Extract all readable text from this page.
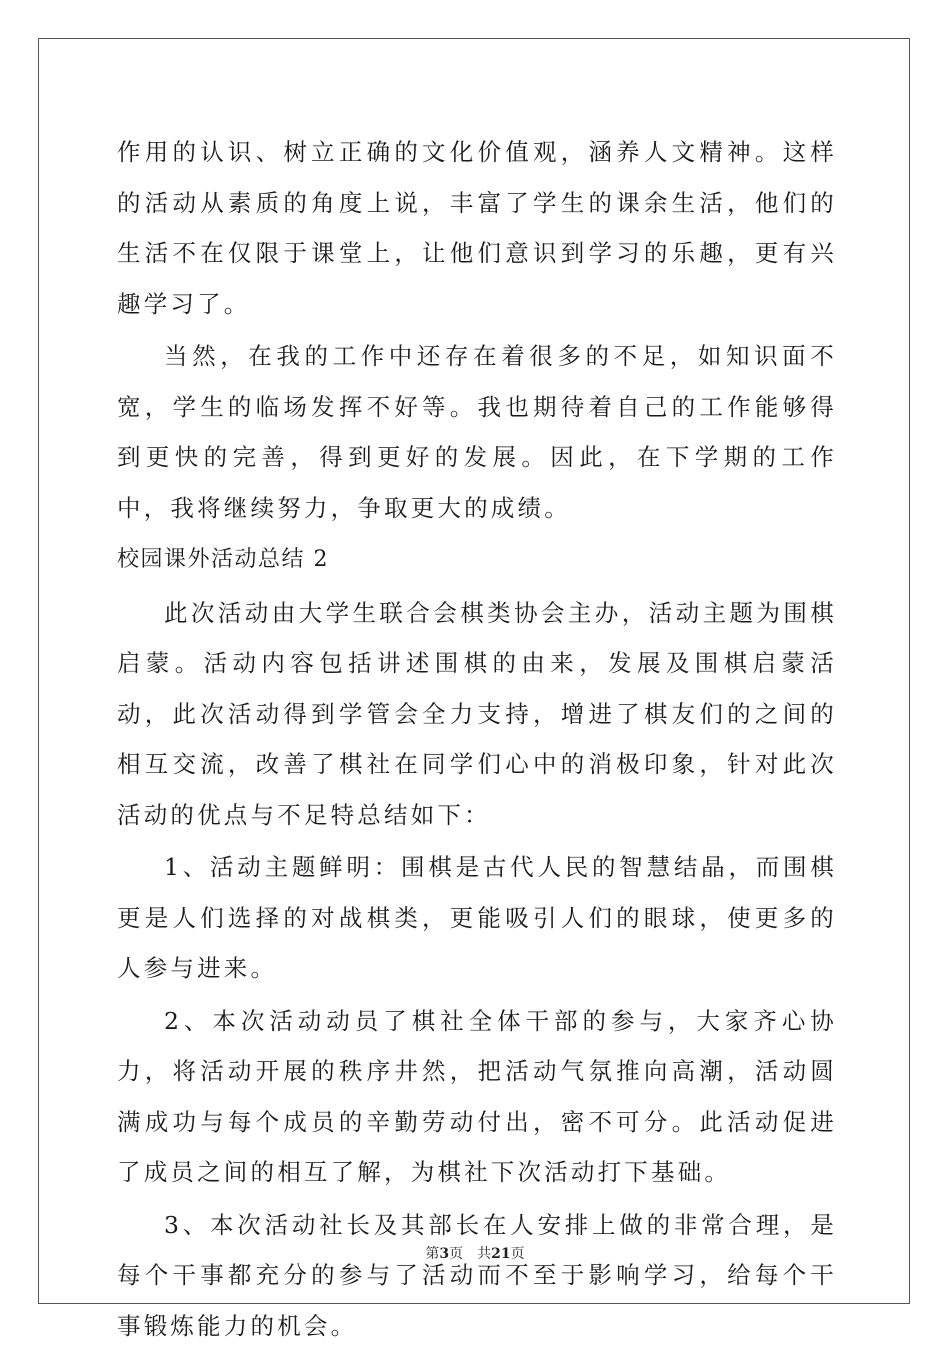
作用的认识、树立正确的文化价值观，涵养人文精神。这样的活动从素质的角度上说，丰富了学生的课余生活，他们的生活不在仅限于课堂上，让他们意识到学习的乐趣，更有兴趣学习了。

当然，在我的工作中还存在着很多的不足，如知识面不宽，学生的临场发挥不好等。我也期待着自己的工作能够得到更快的完善，得到更好的发展。因此，在下学期的工作中，我将继续努力，争取更大的成绩。

校园课外活动总结 2

此次活动由大学生联合会棋类协会主办，活动主题为围棋启蒙。活动内容包括讲述围棋的由来，发展及围棋启蒙活动，此次活动得到学管会全力支持，增进了棋友们的之间的相互交流，改善了棋社在同学们心中的消极印象，针对此次活动的优点与不足特总结如下：

1、活动主题鲜明：围棋是古代人民的智慧结晶，而围棋更是人们选择的对战棋类，更能吸引人们的眼球，使更多的人参与进来。

2、本次活动动员了棋社全体干部的参与，大家齐心协力，将活动开展的秩序井然，把活动气氛推向高潮，活动圆满成功与每个成员的辛勤劳动付出，密不可分。此活动促进了成员之间的相互了解，为棋社下次活动打下基础。

3、本次活动社长及其部长在人安排上做的非常合理，是每个干事都充分的参与了活动而不至于影响学习，给每个干事锻炼能力的机会。

第3页 共21页
